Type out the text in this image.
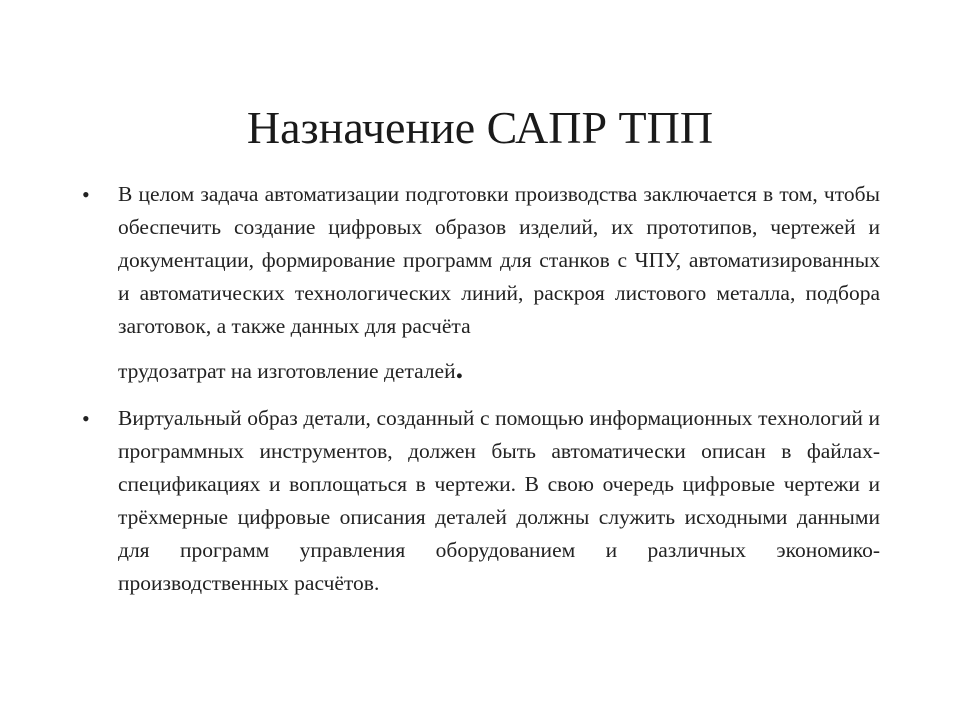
Назначение САПР ТПП
• В целом задача автоматизации подготовки производства заключается в том, чтобы обеспечить создание цифровых образов изделий, их прототипов, чертежей и документации, формирование программ для станков с ЧПУ, автоматизированных и автоматических технологических линий, раскроя листового металла, подбора заготовок, а также данных для расчёта
трудозатрат на изготовление деталей.
• Виртуальный образ детали, созданный с помощью информационных технологий и программных инструментов, должен быть автоматически описан в файлах-спецификациях и воплощаться в чертежи. В свою очередь цифровые чертежи и трёхмерные цифровые описания деталей должны служить исходными данными для программ управления оборудованием и различных экономико-производственных расчётов.
